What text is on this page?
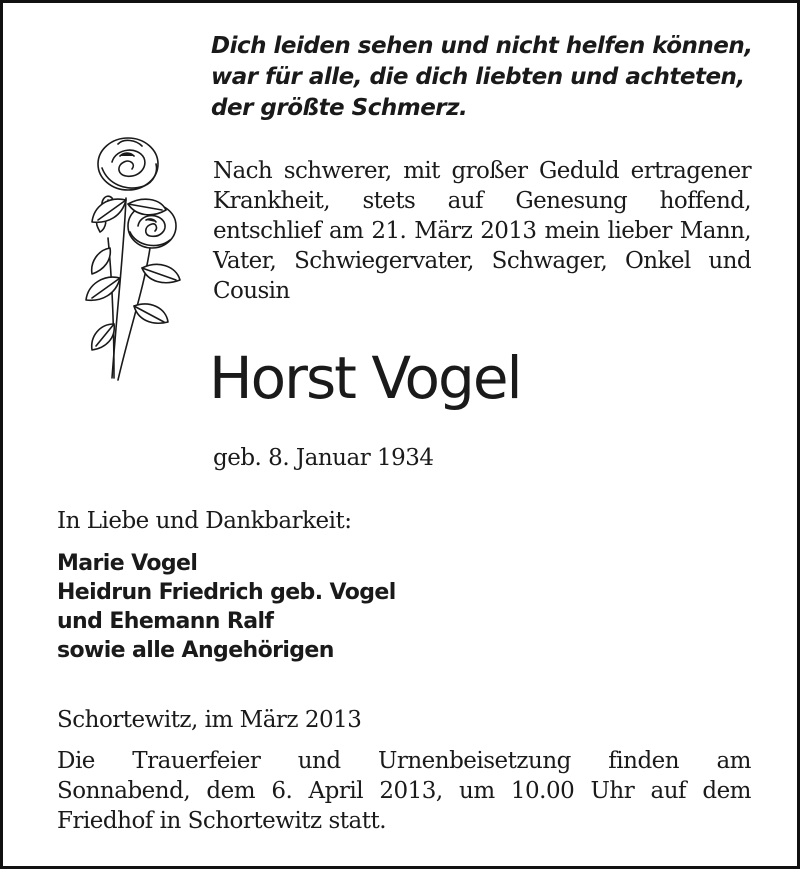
Dich leiden sehen und nicht helfen können,
war für alle, die dich liebten und achteten,
der größte Schmerz.
Nach schwerer, mit großer Geduld ertragener Krankheit, stets auf Genesung hoffend, entschlief am 21. März 2013 mein lieber Mann, Vater, Schwiegervater, Schwager, Onkel und Cousin
Horst Vogel
geb. 8. Januar 1934
In Liebe und Dankbarkeit:
Marie Vogel
Heidrun Friedrich geb. Vogel
und Ehemann Ralf
sowie alle Angehörigen
Schortewitz, im März 2013
Die Trauerfeier und Urnenbeisetzung finden am
Sonnabend, dem 6. April 2013, um 10.00 Uhr auf dem
Friedhof in Schortewitz statt.
